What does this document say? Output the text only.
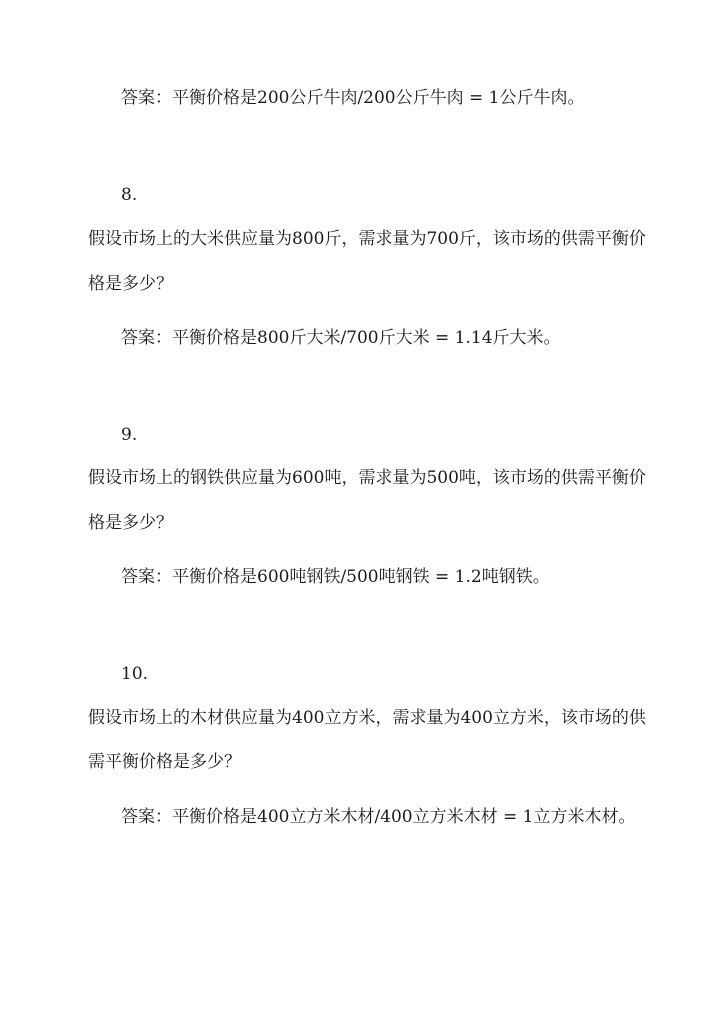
答案：平衡价格是200公斤牛肉/200公斤牛肉 = 1公斤牛肉。
8.
假设市场上的大米供应量为800斤，需求量为700斤，该市场的供需平衡价
格是多少？
答案：平衡价格是800斤大米/700斤大米 = 1.14斤大米。
9.
假设市场上的钢铁供应量为600吨，需求量为500吨，该市场的供需平衡价
格是多少？
答案：平衡价格是600吨钢铁/500吨钢铁 = 1.2吨钢铁。
10.
假设市场上的木材供应量为400立方米，需求量为400立方米，该市场的供
需平衡价格是多少？
答案：平衡价格是400立方米木材/400立方米木材 = 1立方米木材。
